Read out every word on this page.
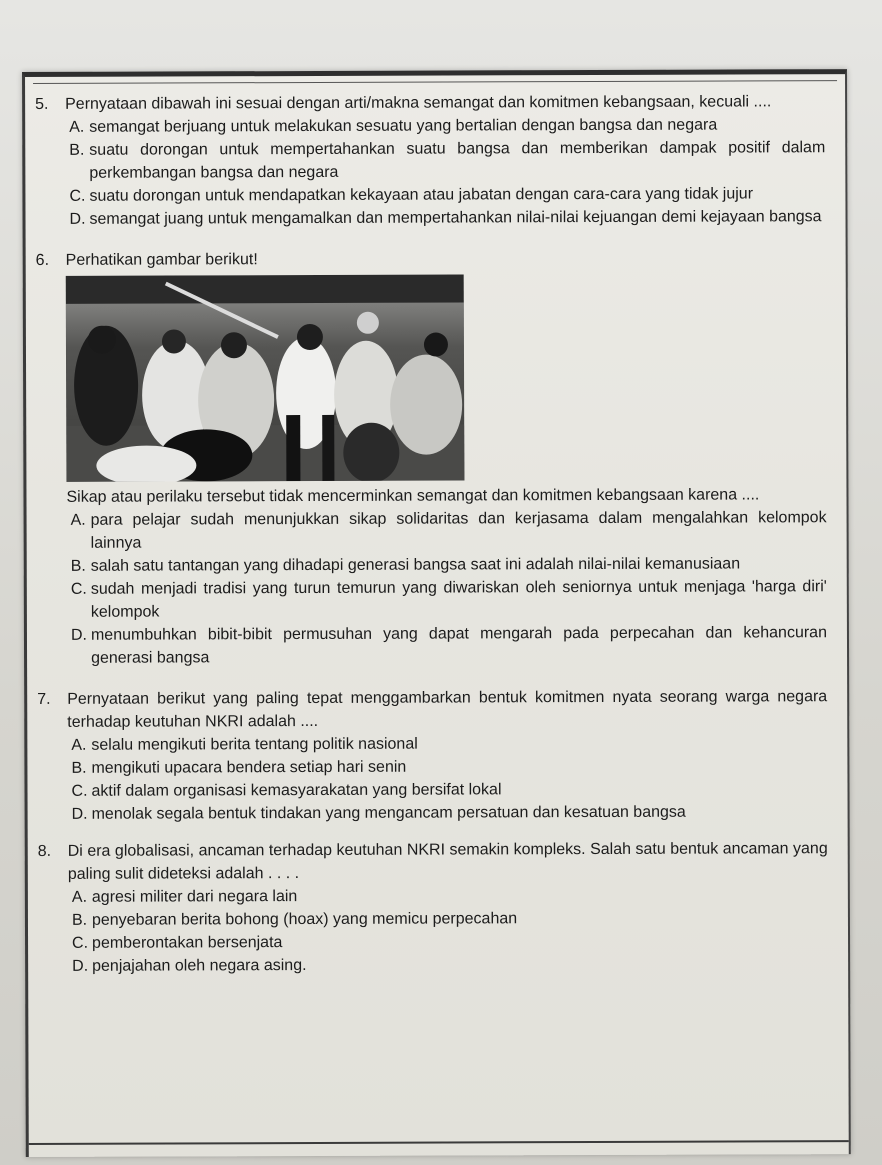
5. Pernyataan dibawah ini sesuai dengan arti/makna semangat dan komitmen kebangsaan, kecuali ....
A. semangat berjuang untuk melakukan sesuatu yang bertalian dengan bangsa dan negara
B. suatu dorongan untuk mempertahankan suatu bangsa dan memberikan dampak positif dalam perkembangan bangsa dan negara
C. suatu dorongan untuk mendapatkan kekayaan atau jabatan dengan cara-cara yang tidak jujur
D. semangat juang untuk mengamalkan dan mempertahankan nilai-nilai kejuangan demi kejayaan bangsa
6. Perhatikan gambar berikut!
Sikap atau perilaku tersebut tidak mencerminkan semangat dan komitmen kebangsaan karena ....
A. para pelajar sudah menunjukkan sikap solidaritas dan kerjasama dalam mengalahkan kelompok lainnya
B. salah satu tantangan yang dihadapi generasi bangsa saat ini adalah nilai-nilai kemanusiaan
C. sudah menjadi tradisi yang turun temurun yang diwariskan oleh seniornya untuk menjaga 'harga diri' kelompok
D. menumbuhkan bibit-bibit permusuhan yang dapat mengarah pada perpecahan dan kehancuran generasi bangsa
7. Pernyataan berikut yang paling tepat menggambarkan bentuk komitmen nyata seorang warga negara terhadap keutuhan NKRI adalah ....
A. selalu mengikuti berita tentang politik nasional
B. mengikuti upacara bendera setiap hari senin
C. aktif dalam organisasi kemasyarakatan yang bersifat lokal
D. menolak segala bentuk tindakan yang mengancam persatuan dan kesatuan bangsa
8. Di era globalisasi, ancaman terhadap keutuhan NKRI semakin kompleks. Salah satu bentuk ancaman yang paling sulit dideteksi adalah . . . .
A. agresi militer dari negara lain
B. penyebaran berita bohong (hoax) yang memicu perpecahan
C. pemberontakan bersenjata
D. penjajahan oleh negara asing.
